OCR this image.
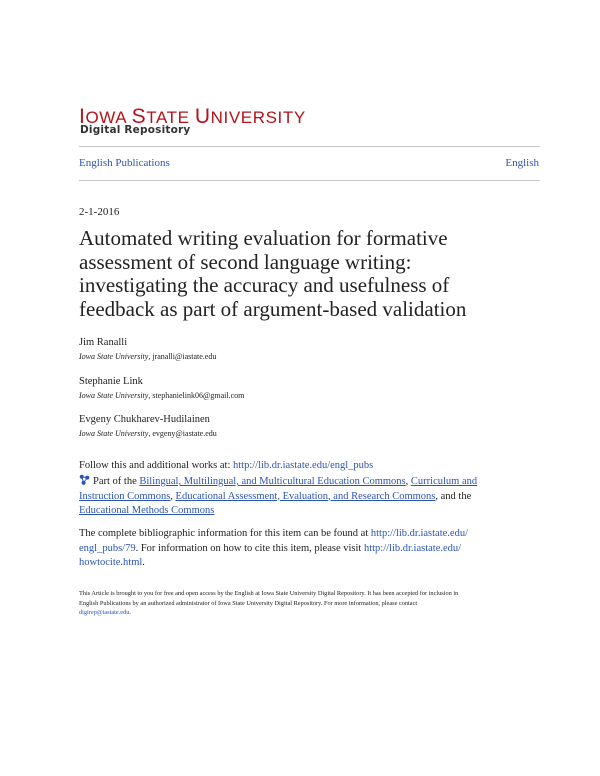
IOWA STATE UNIVERSITY
Digital Repository
English Publications	English
2-1-2016
Automated writing evaluation for formative
assessment of second language writing:
investigating the accuracy and usefulness of
feedback as part of argument-based validation
Jim Ranalli
Iowa State University, jranalli@iastate.edu
Stephanie Link
Iowa State University, stephanielink06@gmail.com
Evgeny Chukharev-Hudilainen
Iowa State University, evgeny@iastate.edu
Follow this and additional works at: http://lib.dr.iastate.edu/engl_pubs
Part of the Bilingual, Multilingual, and Multicultural Education Commons, Curriculum and
Instruction Commons, Educational Assessment, Evaluation, and Research Commons, and the
Educational Methods Commons
The complete bibliographic information for this item can be found at http://lib.dr.iastate.edu/
engl_pubs/79. For information on how to cite this item, please visit http://lib.dr.iastate.edu/
howtocite.html.
This Article is brought to you for free and open access by the English at Iowa State University Digital Repository. It has been accepted for inclusion in
English Publications by an authorized administrator of Iowa State University Digital Repository. For more information, please contact
digirep@iastate.edu.
